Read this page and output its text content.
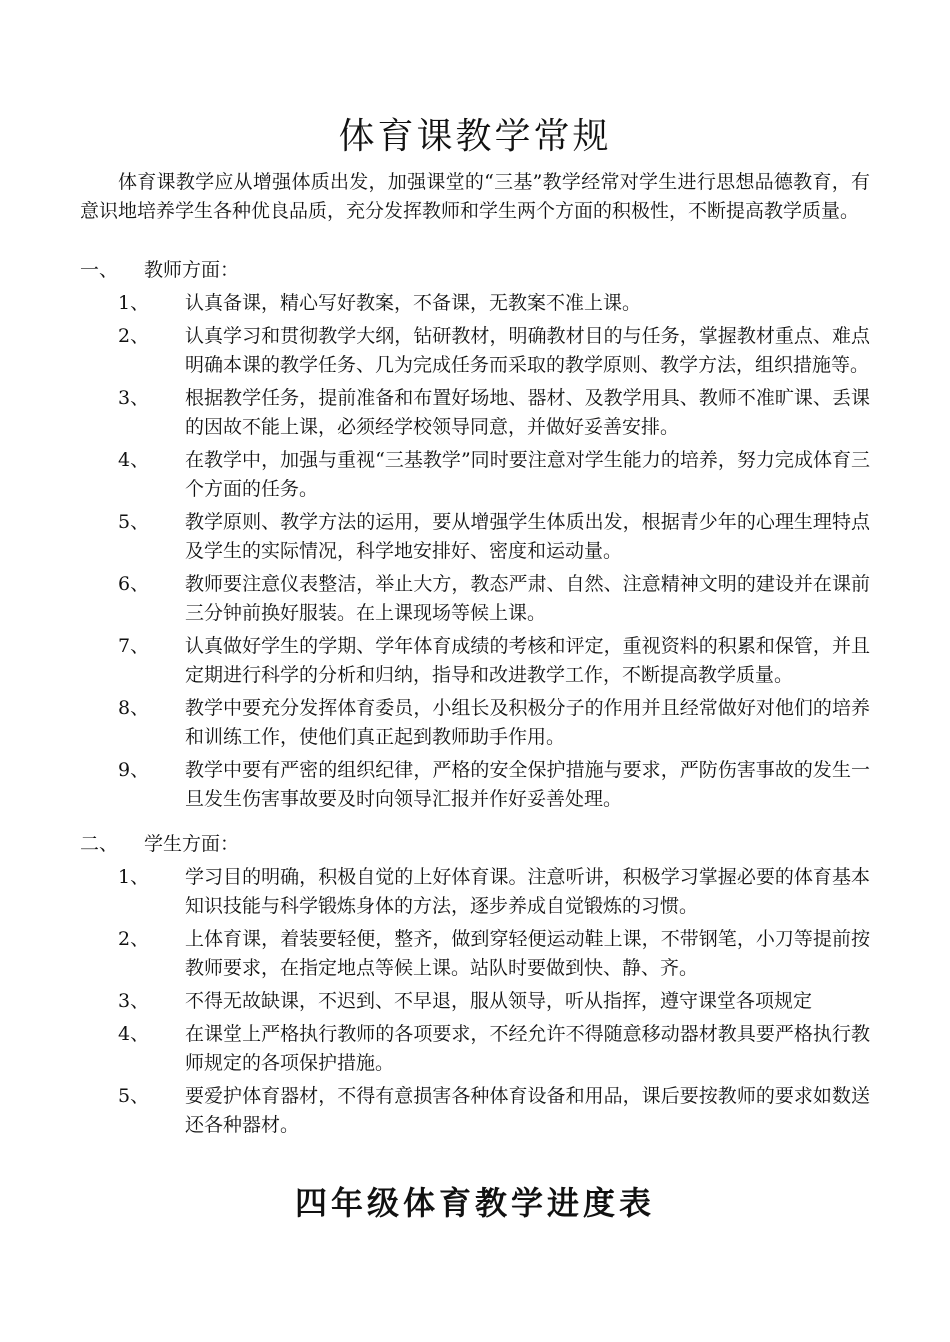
体育课教学常规

体育课教学应从增强体质出发，加强课堂的“三基”教学经常对学生进行思想品德教育，有意识地培养学生各种优良品质，充分发挥教师和学生两个方面的积极性，不断提高教学质量。

一、	教师方面：
1、	认真备课，精心写好教案，不备课，无教案不准上课。
2、	认真学习和贯彻教学大纲，钻研教材，明确教材目的与任务，掌握教材重点、难点明确本课的教学任务、几为完成任务而采取的教学原则、教学方法，组织措施等。
3、	根据教学任务，提前准备和布置好场地、器材、及教学用具、教师不准旷课、丢课的因故不能上课，必须经学校领导同意，并做好妥善安排。
4、	在教学中，加强与重视“三基教学”同时要注意对学生能力的培养，努力完成体育三个方面的任务。
5、	教学原则、教学方法的运用，要从增强学生体质出发，根据青少年的心理生理特点及学生的实际情况，科学地安排好、密度和运动量。
6、	教师要注意仪表整洁，举止大方，教态严肃、自然、注意精神文明的建设并在课前三分钟前换好服装。在上课现场等候上课。
7、	认真做好学生的学期、学年体育成绩的考核和评定，重视资料的积累和保管，并且定期进行科学的分析和归纳，指导和改进教学工作，不断提高教学质量。
8、	教学中要充分发挥体育委员，小组长及积极分子的作用并且经常做好对他们的培养和训练工作，使他们真正起到教师助手作用。
9、	教学中要有严密的组织纪律，严格的安全保护措施与要求，严防伤害事故的发生一旦发生伤害事故要及时向领导汇报并作好妥善处理。
二、	学生方面：
1、	学习目的明确，积极自觉的上好体育课。注意听讲，积极学习掌握必要的体育基本知识技能与科学锻炼身体的方法，逐步养成自觉锻炼的习惯。
2、	上体育课，着装要轻便，整齐，做到穿轻便运动鞋上课，不带钢笔，小刀等提前按教师要求，在指定地点等候上课。站队时要做到快、静、齐。
3、	不得无故缺课，不迟到、不早退，服从领导，听从指挥，遵守课堂各项规定
4、	在课堂上严格执行教师的各项要求，不经允许不得随意移动器材教具要严格执行教师规定的各项保护措施。
5、	要爱护体育器材，不得有意损害各种体育设备和用品，课后要按教师的要求如数送还各种器材。
四年级体育教学进度表
